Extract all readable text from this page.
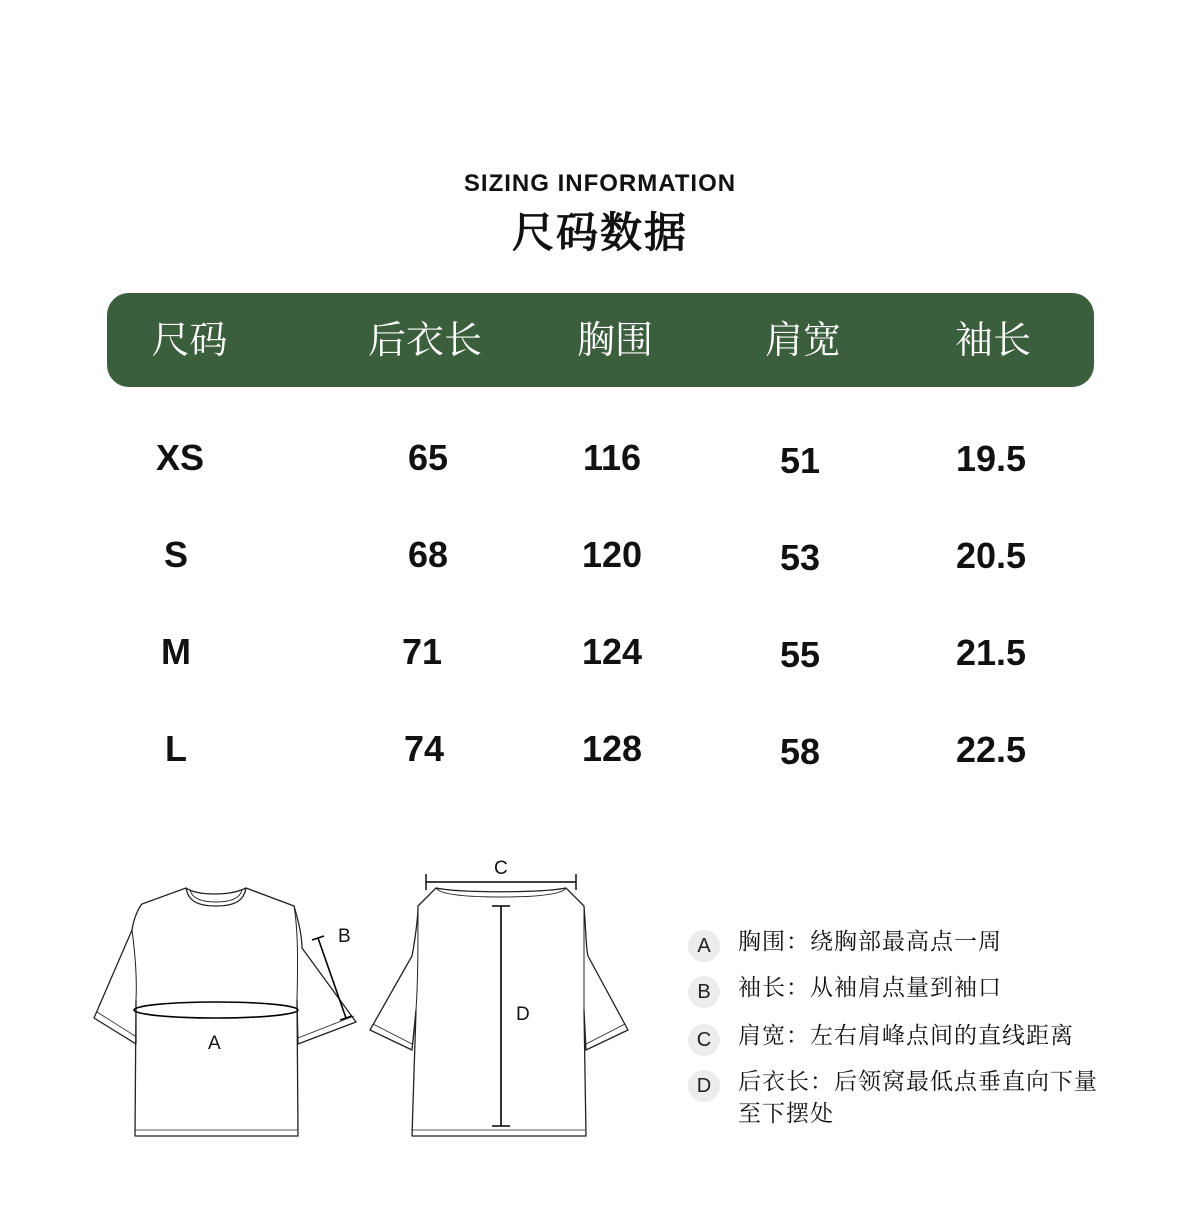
SIZING INFORMATION
尺码数据
尺码	后衣长	胸围	肩宽	袖长
XS	65	116	51	19.5
S	68	120	53	20.5
M	71	124	55	21.5
L	74	128	58	22.5
A
B
C
D
A	胸围：绕胸部最高点一周
B	袖长：从袖肩点量到袖口
C	肩宽：左右肩峰点间的直线距离
D	后衣长：后领窝最低点垂直向下量至下摆处
